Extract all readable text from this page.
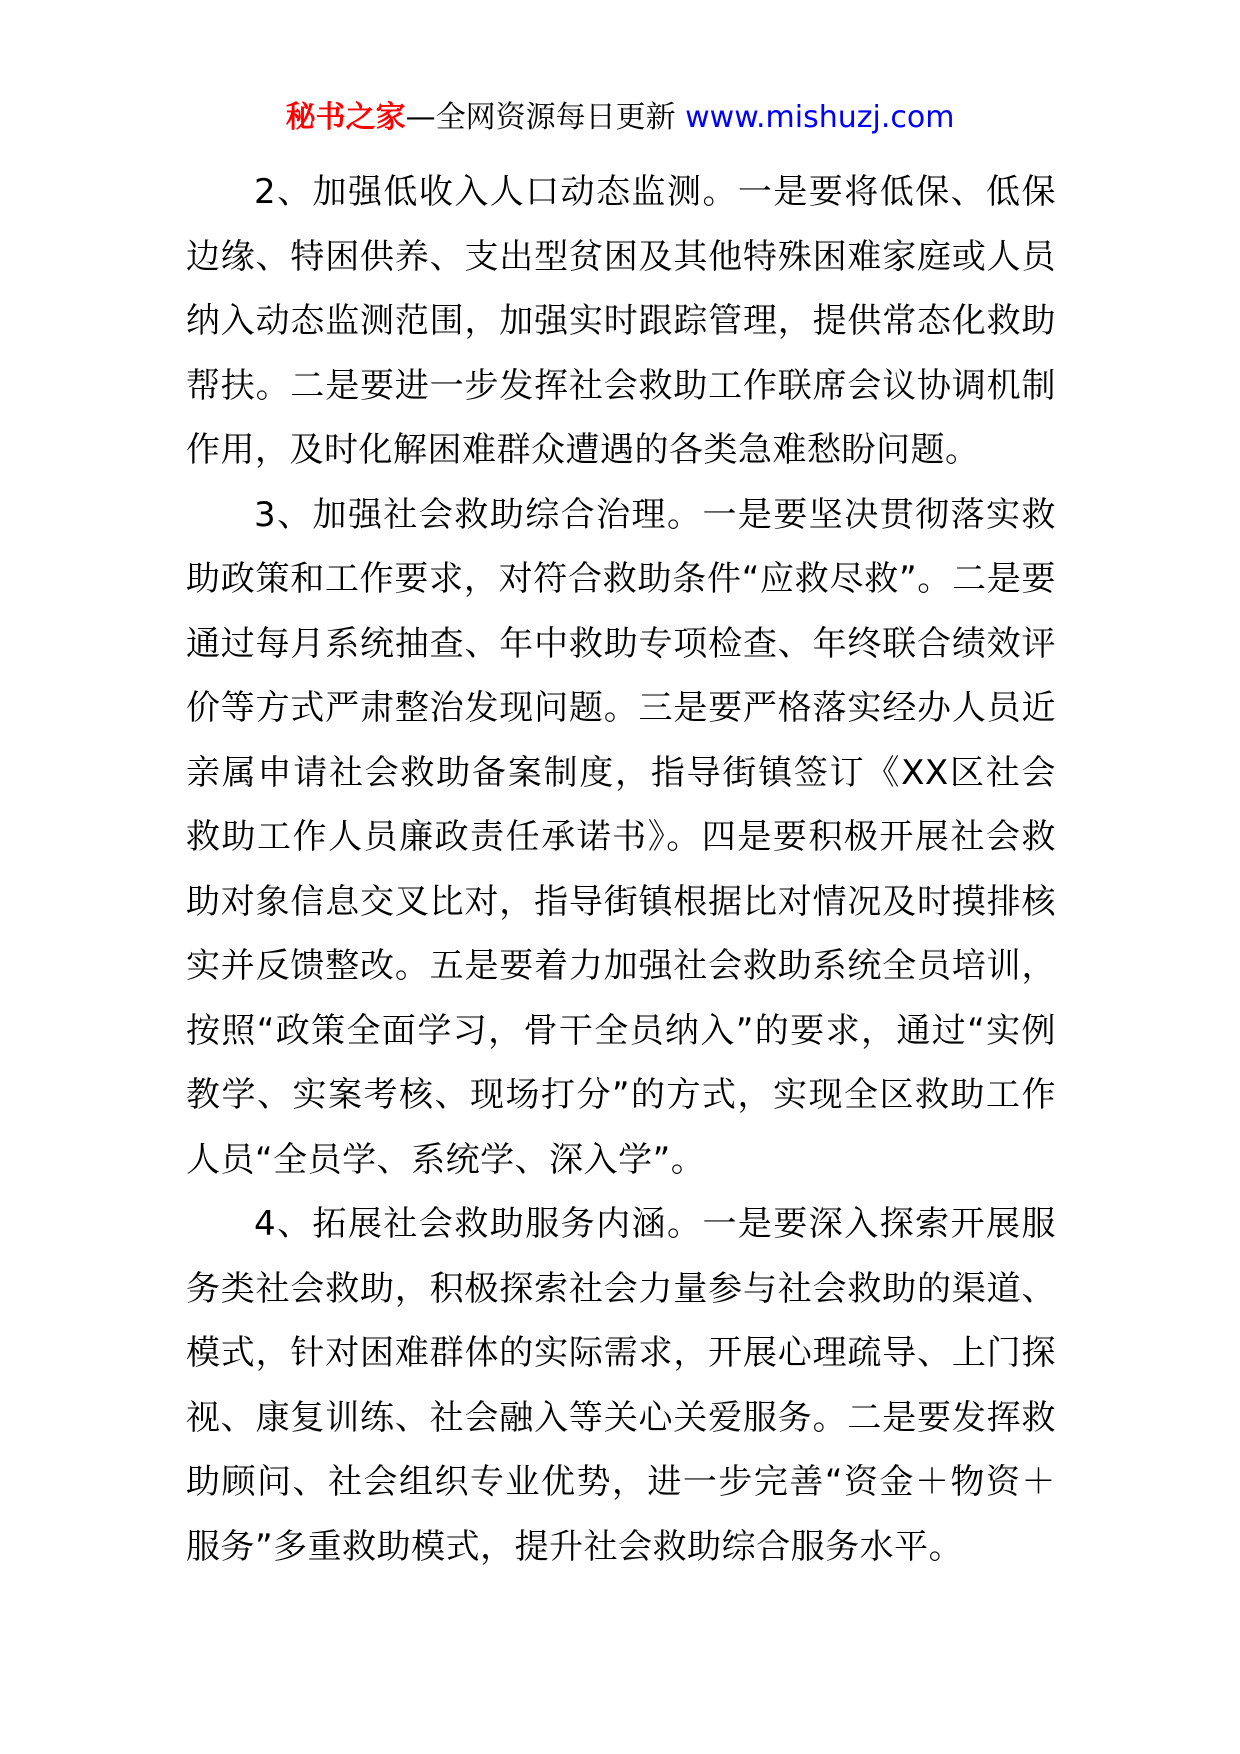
秘书之家—全网资源每日更新 www.mishuzj.com

2、加强低收入人口动态监测。一是要将低保、低保边缘、特困供养、支出型贫困及其他特殊困难家庭或人员纳入动态监测范围，加强实时跟踪管理，提供常态化救助帮扶。二是要进一步发挥社会救助工作联席会议协调机制作用，及时化解困难群众遭遇的各类急难愁盼问题。

3、加强社会救助综合治理。一是要坚决贯彻落实救助政策和工作要求，对符合救助条件“应救尽救”。二是要通过每月系统抽查、年中救助专项检查、年终联合绩效评价等方式严肃整治发现问题。三是要严格落实经办人员近亲属申请社会救助备案制度，指导街镇签订《XX区社会救助工作人员廉政责任承诺书》。四是要积极开展社会救助对象信息交叉比对，指导街镇根据比对情况及时摸排核实并反馈整改。五是要着力加强社会救助系统全员培训，按照“政策全面学习，骨干全员纳入”的要求，通过“实例教学、实案考核、现场打分”的方式，实现全区救助工作人员“全员学、系统学、深入学”。

4、拓展社会救助服务内涵。一是要深入探索开展服务类社会救助，积极探索社会力量参与社会救助的渠道、模式，针对困难群体的实际需求，开展心理疏导、上门探视、康复训练、社会融入等关心关爱服务。二是要发挥救助顾问、社会组织专业优势，进一步完善“资金＋物资＋服务”多重救助模式，提升社会救助综合服务水平。
